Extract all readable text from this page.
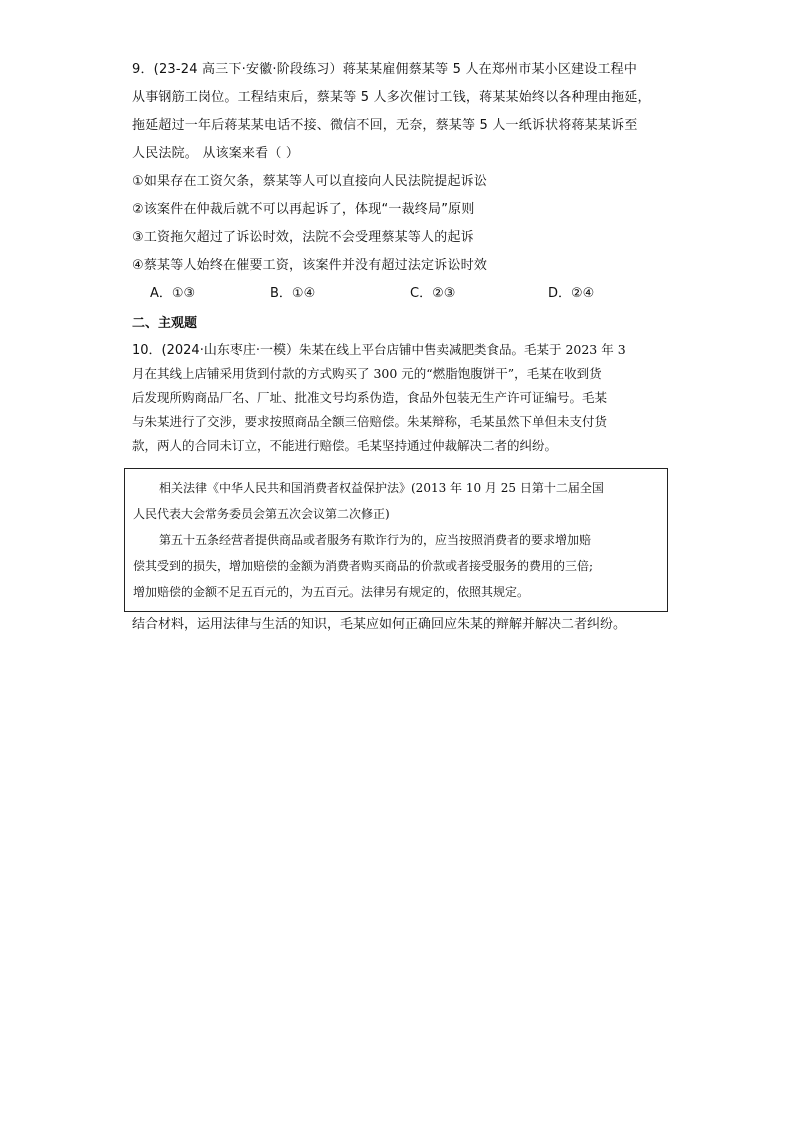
9．(23-24 高三下·安徽·阶段练习）蒋某某雇佣蔡某等 5 人在郑州市某小区建设工程中
从事钢筋工岗位。工程结束后，蔡某等 5 人多次催讨工钱，蒋某某始终以各种理由拖延，
拖延超过一年后蒋某某电话不接、微信不回，无奈，蔡某等 5 人一纸诉状将蒋某某诉至
人民法院。 从该案来看（ ）
①如果存在工资欠条，蔡某等人可以直接向人民法院提起诉讼
②该案件在仲裁后就不可以再起诉了，体现“一裁终局”原则
③工资拖欠超过了诉讼时效，法院不会受理蔡某等人的起诉
④蔡某等人始终在催要工资，该案件并没有超过法定诉讼时效
A．①③	B．①④	C．②③	D．②④
二、主观题
10．(2024·山东枣庄·一模）朱某在线上平台店铺中售卖减肥类食品。毛某于 2023 年 3
月在其线上店铺采用货到付款的方式购买了 300 元的“燃脂饱腹饼干”，毛某在收到货
后发现所购商品厂名、厂址、批准文号均系伪造，食品外包装无生产许可证编号。毛某
与朱某进行了交涉，要求按照商品全额三倍赔偿。朱某辩称，毛某虽然下单但未支付货
款，两人的合同未订立，不能进行赔偿。毛某坚持通过仲裁解决二者的纠纷。
相关法律《中华人民共和国消费者权益保护法》(2013 年 10 月 25 日第十二届全国
人民代表大会常务委员会第五次会议第二次修正)
第五十五条经营者提供商品或者服务有欺诈行为的，应当按照消费者的要求增加赔
偿其受到的损失，增加赔偿的金额为消费者购买商品的价款或者接受服务的费用的三倍;
增加赔偿的金额不足五百元的，为五百元。法律另有规定的，依照其规定。
结合材料，运用法律与生活的知识，毛某应如何正确回应朱某的辩解并解决二者纠纷。
